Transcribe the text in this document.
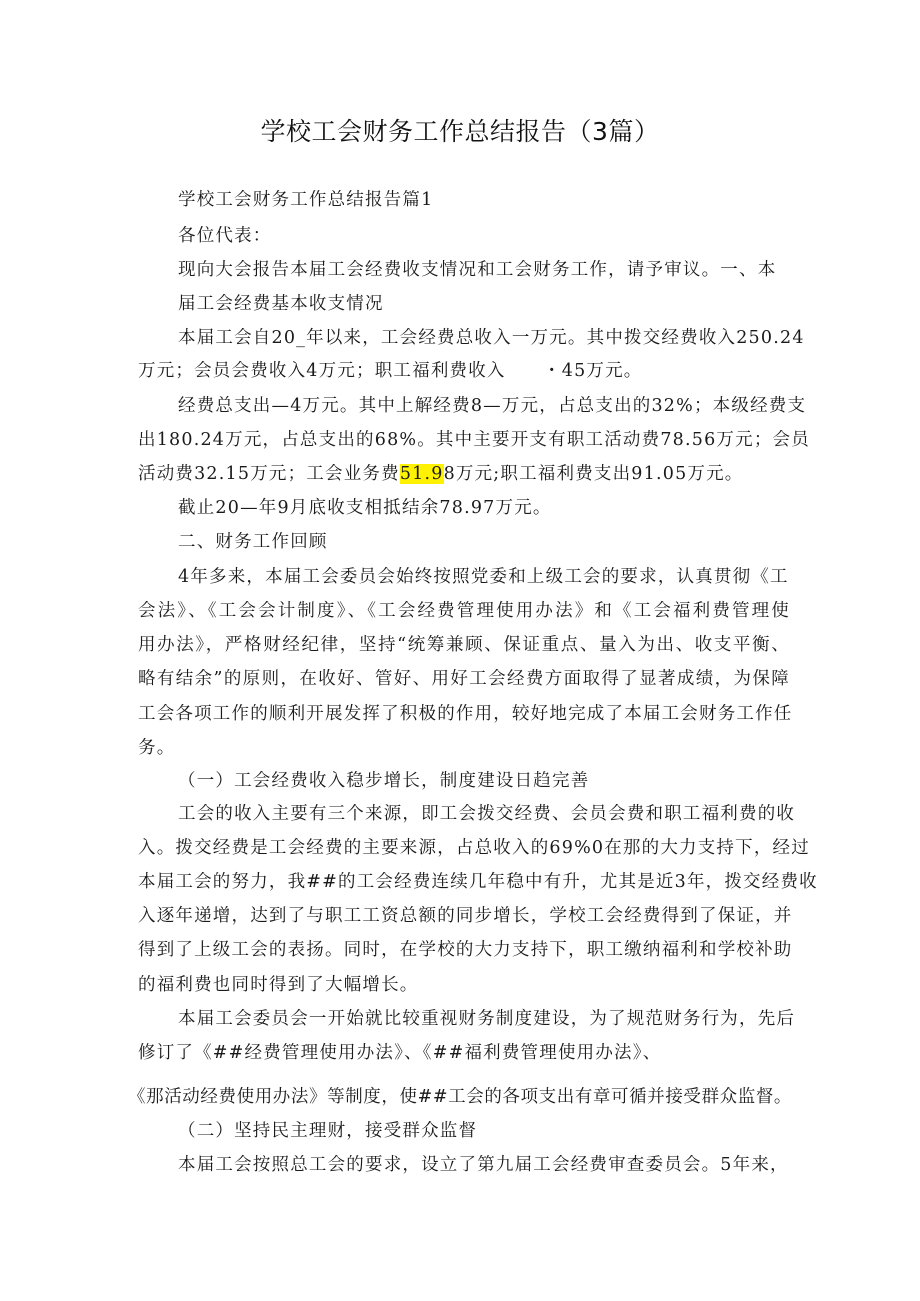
学校工会财务工作总结报告（3篇）
学校工会财务工作总结报告篇1
各位代表：
现向大会报告本届工会经费收支情况和工会财务工作，请予审议。一、本
届工会经费基本收支情况
本届工会自20_年以来，工会经费总收入一万元。其中拨交经费收入250.24
万元；会员会费收入4万元；职工福利费收入　　・45万元。
经费总支出—4万元。其中上解经费8—万元，占总支出的32%；本级经费支
出180.24万元，占总支出的68%。其中主要开支有职工活动费78.56万元；会员
活动费32.15万元；工会业务费51.98万元;职工福利费支出91.05万元。
截止20—年9月底收支相抵结余78.97万元。
二、财务工作回顾
4年多来，本届工会委员会始终按照党委和上级工会的要求，认真贯彻《工
会法》、《工会会计制度》、《工会经费管理使用办法》和《工会福利费管理使
用办法》，严格财经纪律，坚持“统筹兼顾、保证重点、量入为出、收支平衡、
略有结余”的原则，在收好、管好、用好工会经费方面取得了显著成绩，为保障
工会各项工作的顺利开展发挥了积极的作用，较好地完成了本届工会财务工作任
务。
（一）工会经费收入稳步增长，制度建设日趋完善
工会的收入主要有三个来源，即工会拨交经费、会员会费和职工福利费的收
入。拨交经费是工会经费的主要来源，占总收入的69%0在那的大力支持下，经过
本届工会的努力，我##的工会经费连续几年稳中有升，尤其是近3年，拨交经费收
入逐年递增，达到了与职工工资总额的同步增长，学校工会经费得到了保证，并
得到了上级工会的表扬。同时，在学校的大力支持下，职工缴纳福利和学校补助
的福利费也同时得到了大幅增长。
本届工会委员会一开始就比较重视财务制度建设，为了规范财务行为，先后
修订了《##经费管理使用办法》、《##福利费管理使用办法》、
《那活动经费使用办法》等制度，使##工会的各项支出有章可循并接受群众监督。
（二）坚持民主理财，接受群众监督
本届工会按照总工会的要求，设立了第九届工会经费审查委员会。5年来，
